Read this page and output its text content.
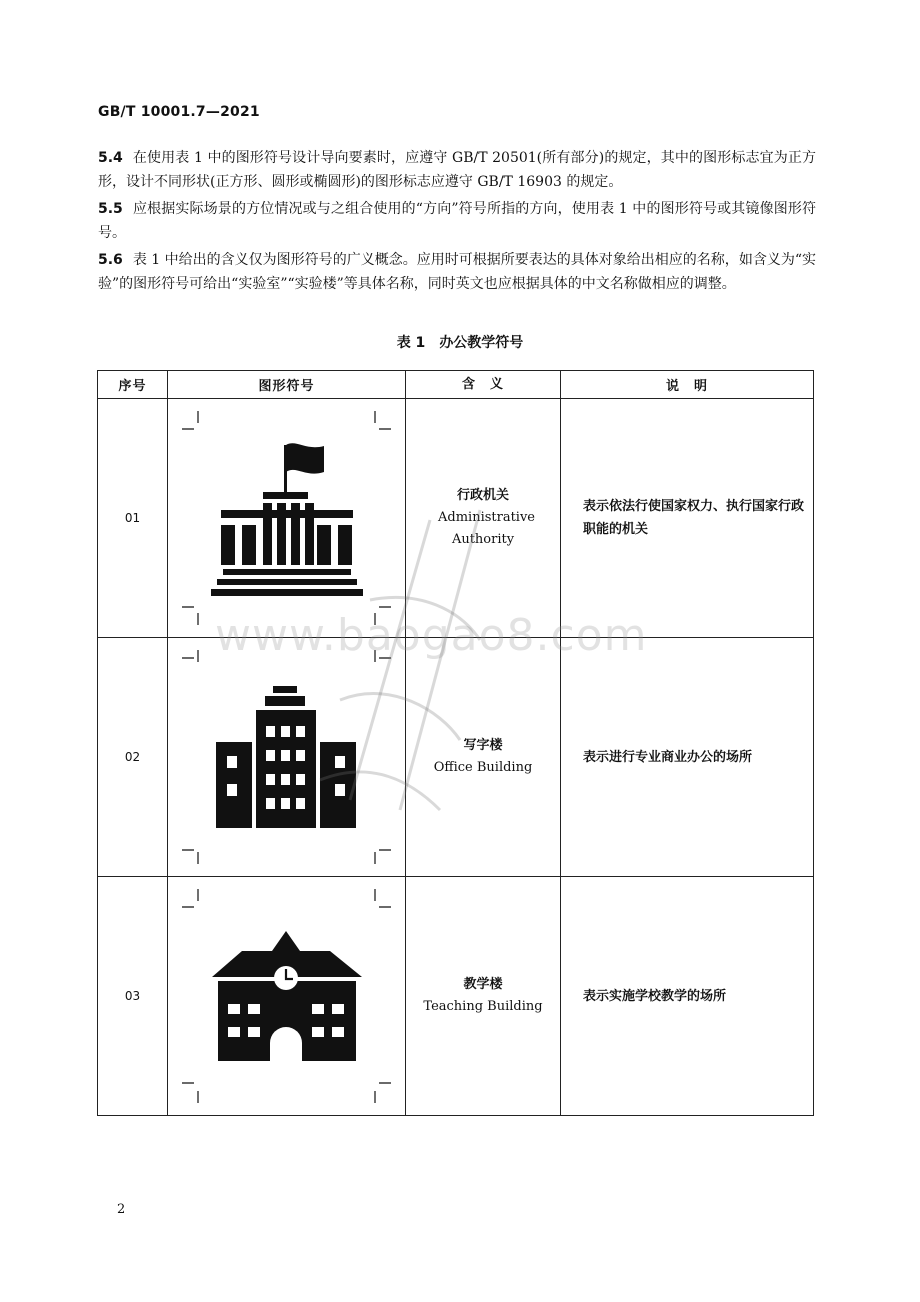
GB/T 10001.7—2021

5.4 在使用表 1 中的图形符号设计导向要素时，应遵守 GB/T 20501(所有部分)的规定，其中的图形标志宜为正方形，设计不同形状(正方形、圆形或椭圆形)的图形标志应遵守 GB/T 16903 的规定。

5.5 应根据实际场景的方位情况或与之组合使用的“方向”符号所指的方向，使用表 1 中的图形符号或其镜像图形符号。

5.6 表 1 中给出的含义仅为图形符号的广义概念。应用时可根据所要表达的具体对象给出相应的名称，如含义为“实验”的图形符号可给出“实验室”“实验楼”等具体名称，同时英文也应根据具体的中文名称做相应的调整。

表 1 办公教学符号
序号	图形符号	含　义	说　明
01		行政机关
Administrative Authority	表示依法行使国家权力、执行国家行政职能的机关

02		写字楼
Office Building	表示进行专业商业办公的场所

03		教学楼
Teaching Building	表示实施学校教学的场所
www.baogao8.com
2
